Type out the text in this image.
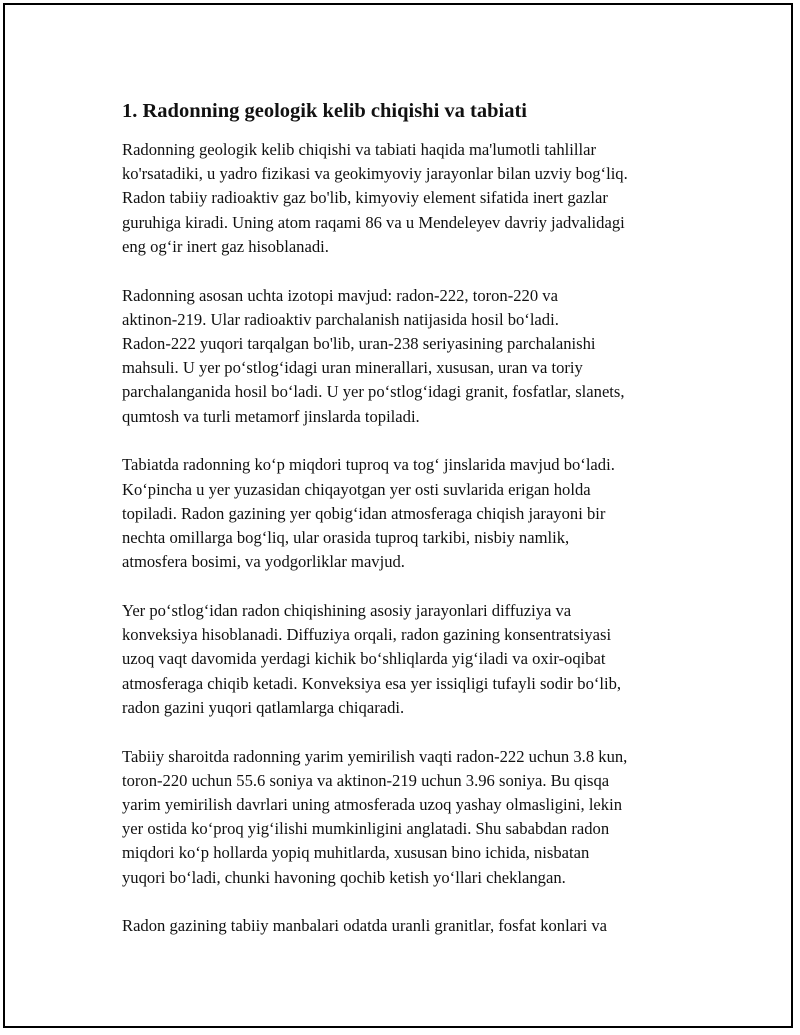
1. Radonning geologik kelib chiqishi va tabiati
Radonning geologik kelib chiqishi va tabiati haqida ma'lumotli tahlillar
ko'rsatadiki, u yadro fizikasi va geokimyoviy jarayonlar bilan uzviy bog‘liq.
Radon tabiiy radioaktiv gaz bo'lib, kimyoviy element sifatida inert gazlar
guruhiga kiradi. Uning atom raqami 86 va u Mendeleyev davriy jadvalidagi
eng og‘ir inert gaz hisoblanadi.
Radonning asosan uchta izotopi mavjud: radon-222, toron-220 va
aktinon-219. Ular radioaktiv parchalanish natijasida hosil bo‘ladi.
Radon-222 yuqori tarqalgan bo'lib, uran-238 seriyasining parchalanishi
mahsuli. U yer po‘stlog‘idagi uran minerallari, xususan, uran va toriy
parchalanganida hosil bo‘ladi. U yer po‘stlog‘idagi granit, fosfatlar, slanets,
qumtosh va turli metamorf jinslarda topiladi.
Tabiatda radonning ko‘p miqdori tuproq va tog‘ jinslarida mavjud bo‘ladi.
Ko‘pincha u yer yuzasidan chiqayotgan yer osti suvlarida erigan holda
topiladi. Radon gazining yer qobig‘idan atmosferaga chiqish jarayoni bir
nechta omillarga bog‘liq, ular orasida tuproq tarkibi, nisbiy namlik,
atmosfera bosimi, va yodgorliklar mavjud.
Yer po‘stlog‘idan radon chiqishining asosiy jarayonlari diffuziya va
konveksiya hisoblanadi. Diffuziya orqali, radon gazining konsentratsiyasi
uzoq vaqt davomida yerdagi kichik bo‘shliqlarda yig‘iladi va oxir-oqibat
atmosferaga chiqib ketadi. Konveksiya esa yer issiqligi tufayli sodir bo‘lib,
radon gazini yuqori qatlamlarga chiqaradi.
Tabiiy sharoitda radonning yarim yemirilish vaqti radon-222 uchun 3.8 kun,
toron-220 uchun 55.6 soniya va aktinon-219 uchun 3.96 soniya. Bu qisqa
yarim yemirilish davrlari uning atmosferada uzoq yashay olmasligini, lekin
yer ostida ko‘proq yig‘ilishi mumkinligini anglatadi. Shu sababdan radon
miqdori ko‘p hollarda yopiq muhitlarda, xususan bino ichida, nisbatan
yuqori bo‘ladi, chunki havoning qochib ketish yo‘llari cheklangan.
Radon gazining tabiiy manbalari odatda uranli granitlar, fosfat konlari va
